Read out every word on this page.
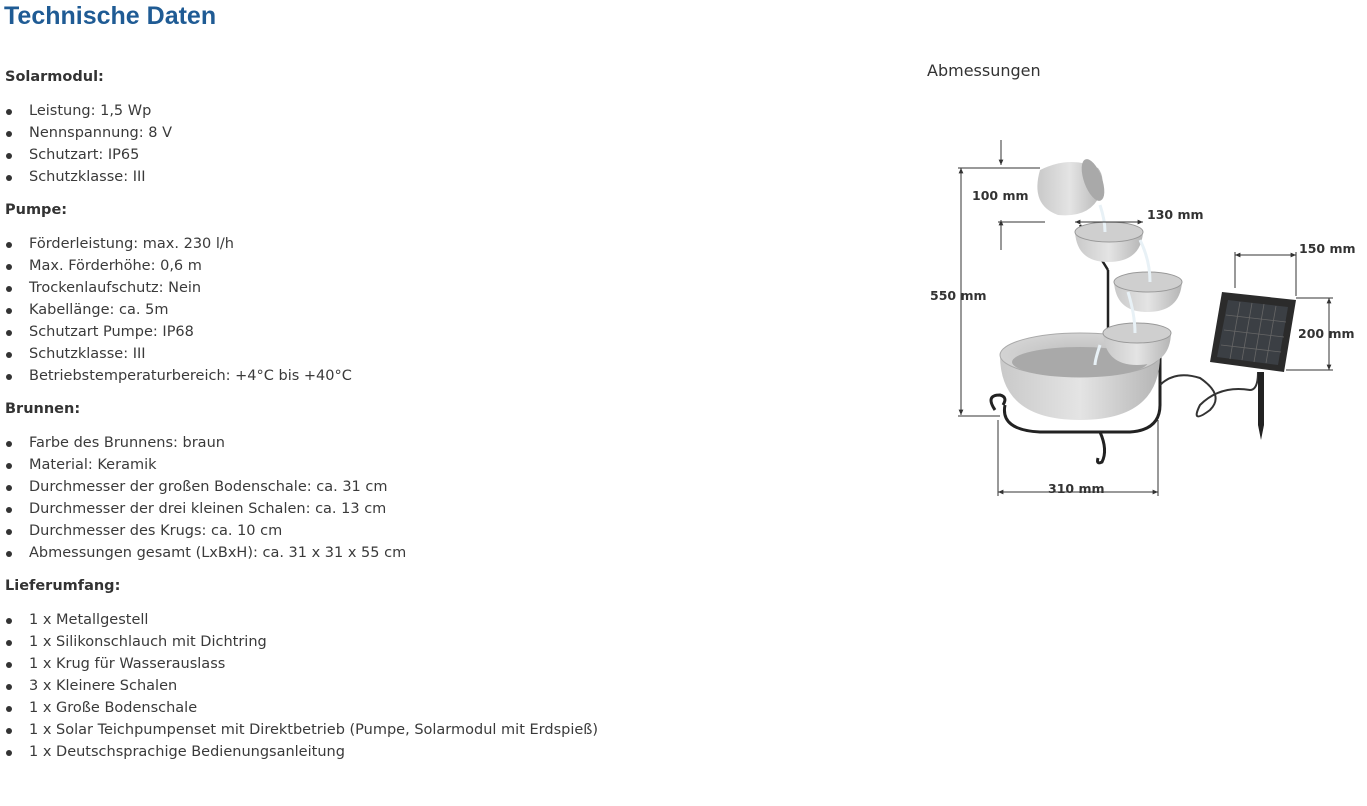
Technische Daten
Solarmodul:
Leistung: 1,5 Wp
Nennspannung: 8 V
Schutzart: IP65
Schutzklasse: III
Pumpe:
Förderleistung: max. 230 l/h
Max. Förderhöhe: 0,6 m
Trockenlaufschutz: Nein
Kabellänge: ca. 5m
Schutzart Pumpe: IP68
Schutzklasse: III
Betriebstemperaturbereich: +4°C bis +40°C
Brunnen:
Farbe des Brunnens: braun
Material: Keramik
Durchmesser der großen Bodenschale: ca. 31 cm
Durchmesser der drei kleinen Schalen: ca. 13 cm
Durchmesser des Krugs: ca. 10 cm
Abmessungen gesamt (LxBxH): ca. 31 x 31 x 55 cm
Lieferumfang:
1 x Metallgestell
1 x Silikonschlauch mit Dichtring
1 x Krug für Wasserauslass
3 x Kleinere Schalen
1 x Große Bodenschale
1 x Solar Teichpumpenset mit Direktbetrieb (Pumpe, Solarmodul mit Erdspieß)
1 x Deutschsprachige Bedienungsanleitung
Abmessungen
100 mm
130 mm
550 mm
310 mm
150 mm
200 mm
